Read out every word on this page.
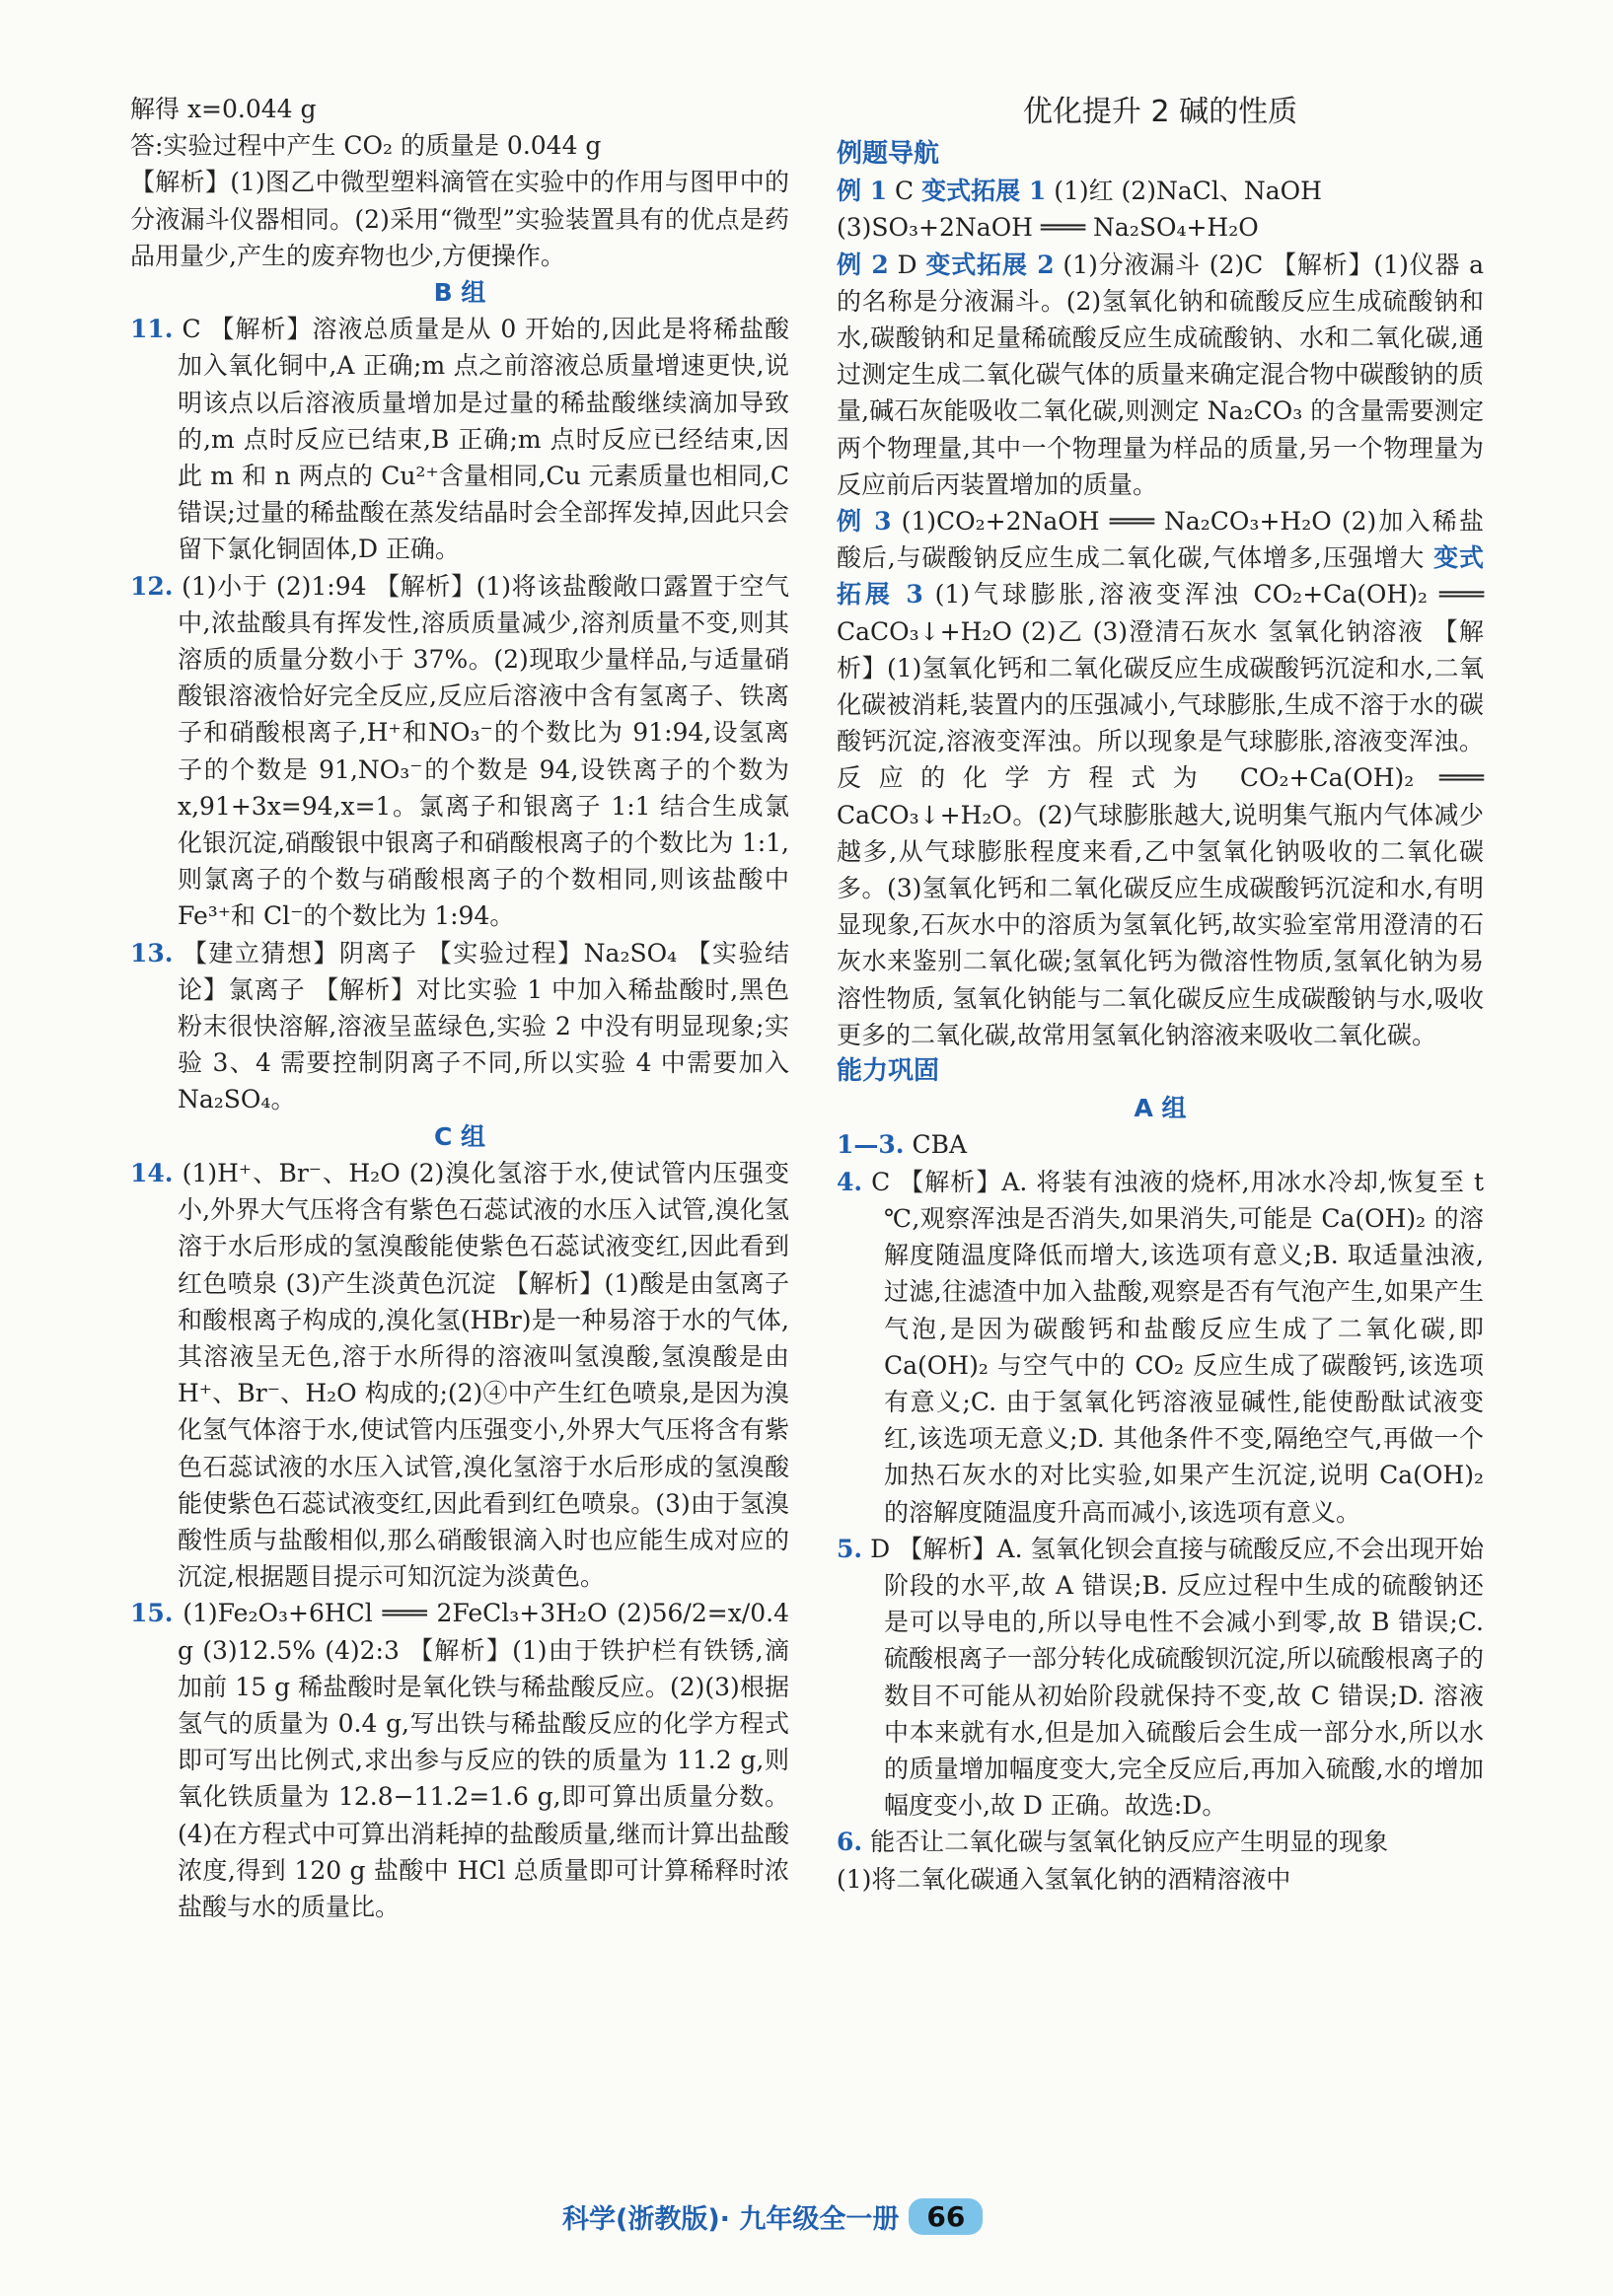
解得 x=0.044 g

答:实验过程中产生 CO₂ 的质量是 0.044 g

【解析】(1)图乙中微型塑料滴管在实验中的作用与图甲中的分液漏斗仪器相同。(2)采用“微型”实验装置具有的优点是药品用量少,产生的废弃物也少,方便操作。

B 组

11. C 【解析】溶液总质量是从 0 开始的,因此是将稀盐酸加入氧化铜中,A 正确;m 点之前溶液总质量增速更快,说明该点以后溶液质量增加是过量的稀盐酸继续滴加导致的,m 点时反应已结束,B 正确;m 点时反应已经结束,因此 m 和 n 两点的 Cu²⁺含量相同,Cu 元素质量也相同,C 错误;过量的稀盐酸在蒸发结晶时会全部挥发掉,因此只会留下氯化铜固体,D 正确。

12. (1)小于 (2)1:94 【解析】(1)将该盐酸敞口露置于空气中,浓盐酸具有挥发性,溶质质量减少,溶剂质量不变,则其溶质的质量分数小于 37%。(2)现取少量样品,与适量硝酸银溶液恰好完全反应,反应后溶液中含有氢离子、铁离子和硝酸根离子,H⁺和NO₃⁻的个数比为 91:94,设氢离子的个数是 91,NO₃⁻的个数是 94,设铁离子的个数为 x,91+3x=94,x=1。氯离子和银离子 1:1 结合生成氯化银沉淀,硝酸银中银离子和硝酸根离子的个数比为 1:1,则氯离子的个数与硝酸根离子的个数相同,则该盐酸中Fe³⁺和 Cl⁻的个数比为 1:94。

13. 【建立猜想】阴离子 【实验过程】Na₂SO₄ 【实验结论】氯离子 【解析】对比实验 1 中加入稀盐酸时,黑色粉末很快溶解,溶液呈蓝绿色,实验 2 中没有明显现象;实验 3、4 需要控制阴离子不同,所以实验 4 中需要加入 Na₂SO₄。

C 组

14. (1)H⁺、Br⁻、H₂O (2)溴化氢溶于水,使试管内压强变小,外界大气压将含有紫色石蕊试液的水压入试管,溴化氢溶于水后形成的氢溴酸能使紫色石蕊试液变红,因此看到红色喷泉 (3)产生淡黄色沉淀 【解析】(1)酸是由氢离子和酸根离子构成的,溴化氢(HBr)是一种易溶于水的气体,其溶液呈无色,溶于水所得的溶液叫氢溴酸,氢溴酸是由 H⁺、Br⁻、H₂O 构成的;(2)④中产生红色喷泉,是因为溴化氢气体溶于水,使试管内压强变小,外界大气压将含有紫色石蕊试液的水压入试管,溴化氢溶于水后形成的氢溴酸能使紫色石蕊试液变红,因此看到红色喷泉。(3)由于氢溴酸性质与盐酸相似,那么硝酸银滴入时也应能生成对应的沉淀,根据题目提示可知沉淀为淡黄色。

15. (1)Fe₂O₃+6HCl ═══ 2FeCl₃+3H₂O (2)56/2=x/0.4 g (3)12.5% (4)2:3 【解析】(1)由于铁护栏有铁锈,滴加前 15 g 稀盐酸时是氧化铁与稀盐酸反应。(2)(3)根据氢气的质量为 0.4 g,写出铁与稀盐酸反应的化学方程式即可写出比例式,求出参与反应的铁的质量为 11.2 g,则氧化铁质量为 12.8−11.2=1.6 g,即可算出质量分数。(4)在方程式中可算出消耗掉的盐酸质量,继而计算出盐酸浓度,得到 120 g 盐酸中 HCl 总质量即可计算稀释时浓盐酸与水的质量比。

优化提升 2 碱的性质

例题导航

例 1 C 变式拓展 1 (1)红 (2)NaCl、NaOH

(3)SO₃+2NaOH ═══ Na₂SO₄+H₂O

例 2 D 变式拓展 2 (1)分液漏斗 (2)C 【解析】(1)仪器 a 的名称是分液漏斗。(2)氢氧化钠和硫酸反应生成硫酸钠和水,碳酸钠和足量稀硫酸反应生成硫酸钠、水和二氧化碳,通过测定生成二氧化碳气体的质量来确定混合物中碳酸钠的质量,碱石灰能吸收二氧化碳,则测定 Na₂CO₃ 的含量需要测定两个物理量,其中一个物理量为样品的质量,另一个物理量为反应前后丙装置增加的质量。

例 3 (1)CO₂+2NaOH ═══ Na₂CO₃+H₂O (2)加入稀盐酸后,与碳酸钠反应生成二氧化碳,气体增多,压强增大 变式拓展 3 (1)气球膨胀,溶液变浑浊 CO₂+Ca(OH)₂ ═══ CaCO₃↓+H₂O (2)乙 (3)澄清石灰水 氢氧化钠溶液 【解析】(1)氢氧化钙和二氧化碳反应生成碳酸钙沉淀和水,二氧化碳被消耗,装置内的压强减小,气球膨胀,生成不溶于水的碳酸钙沉淀,溶液变浑浊。所以现象是气球膨胀,溶液变浑浊。反应的化学方程式为 CO₂+Ca(OH)₂ ═══ CaCO₃↓+H₂O。(2)气球膨胀越大,说明集气瓶内气体减少越多,从气球膨胀程度来看,乙中氢氧化钠吸收的二氧化碳多。(3)氢氧化钙和二氧化碳反应生成碳酸钙沉淀和水,有明显现象,石灰水中的溶质为氢氧化钙,故实验室常用澄清的石灰水来鉴别二氧化碳;氢氧化钙为微溶性物质,氢氧化钠为易溶性物质, 氢氧化钠能与二氧化碳反应生成碳酸钠与水,吸收更多的二氧化碳,故常用氢氧化钠溶液来吸收二氧化碳。

能力巩固

A 组

1—3. CBA

4. C 【解析】A. 将装有浊液的烧杯,用冰水冷却,恢复至 t ℃,观察浑浊是否消失,如果消失,可能是 Ca(OH)₂ 的溶解度随温度降低而增大,该选项有意义;B. 取适量浊液,过滤,往滤渣中加入盐酸,观察是否有气泡产生,如果产生气泡,是因为碳酸钙和盐酸反应生成了二氧化碳,即 Ca(OH)₂ 与空气中的 CO₂ 反应生成了碳酸钙,该选项有意义;C. 由于氢氧化钙溶液显碱性,能使酚酞试液变红,该选项无意义;D. 其他条件不变,隔绝空气,再做一个加热石灰水的对比实验,如果产生沉淀,说明 Ca(OH)₂ 的溶解度随温度升高而减小,该选项有意义。

5. D 【解析】A. 氢氧化钡会直接与硫酸反应,不会出现开始阶段的水平,故 A 错误;B. 反应过程中生成的硫酸钠还是可以导电的,所以导电性不会减小到零,故 B 错误;C. 硫酸根离子一部分转化成硫酸钡沉淀,所以硫酸根离子的数目不可能从初始阶段就保持不变,故 C 错误;D. 溶液中本来就有水,但是加入硫酸后会生成一部分水,所以水的质量增加幅度变大,完全反应后,再加入硫酸,水的增加幅度变小,故 D 正确。故选:D。

6. 能否让二氧化碳与氢氧化钠反应产生明显的现象

(1)将二氧化碳通入氢氧化钠的酒精溶液中

科学(浙教版)· 九年级全一册	66
